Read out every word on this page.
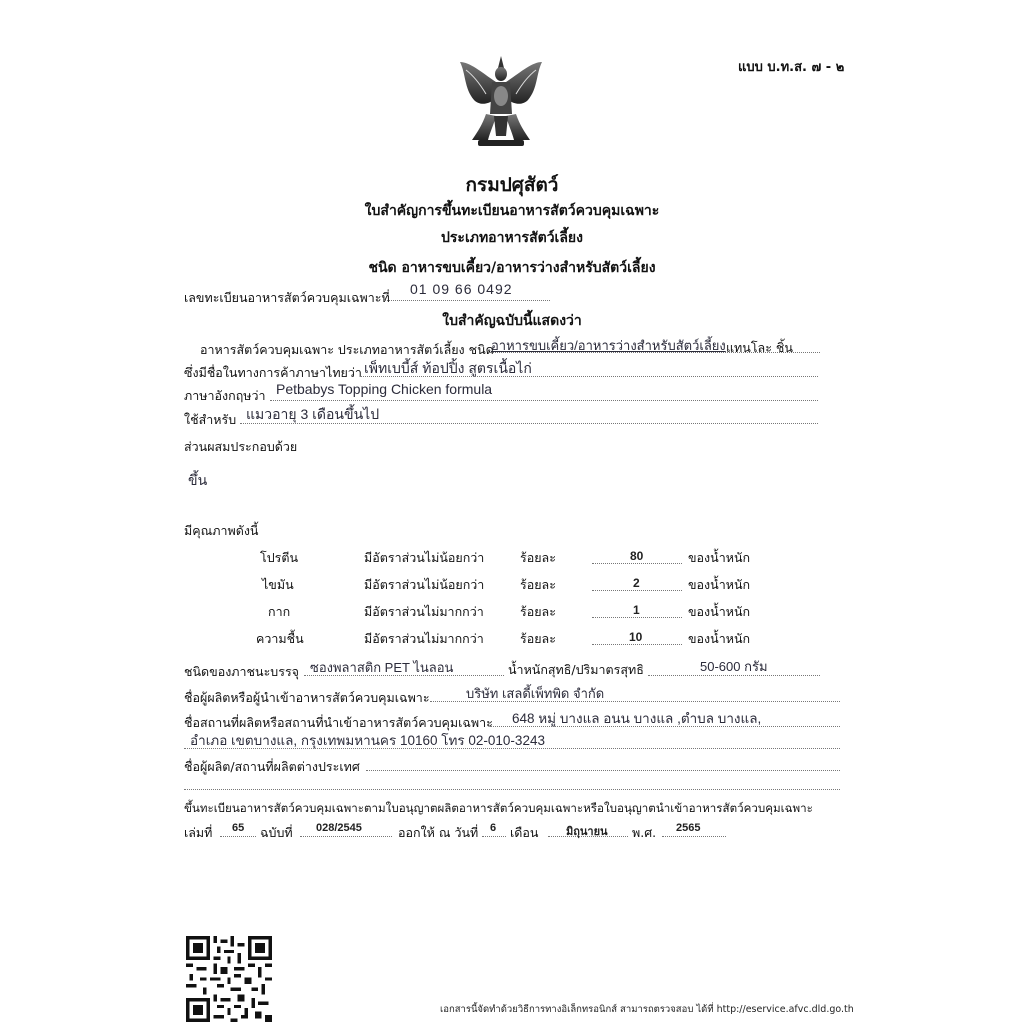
แบบ บ.ท.ส. ๗ - ๒
กรมปศุสัตว์
ใบสำคัญการขึ้นทะเบียนอาหารสัตว์ควบคุมเฉพาะ
ประเภทอาหารสัตว์เลี้ยง
ชนิด อาหารขบเคี้ยว/อาหารว่างสำหรับสัตว์เลี้ยง
เลขทะเบียนอาหารสัตว์ควบคุมเฉพาะที่
01 09 66 0492
ใบสำคัญฉบับนี้แสดงว่า
อาหารสัตว์ควบคุมเฉพาะ ประเภทอาหารสัตว์เลี้ยง ชนิด
อาหารขบเคี้ยว/อาหารว่างสำหรับสัตว์เลี้ยง แทนโละ ชิ้น
ซึ่งมีชื่อในทางการค้าภาษาไทยว่า เพ็ทเบบี้ส์ ท้อปปิ้ง สูตรเนื้อไก่
ภาษาอังกฤษว่า Petbabys Topping Chicken formula
ใช้สำหรับ แมวอายุ 3 เดือนขึ้นไป
ส่วนผสมประกอบด้วย
ขึ้น
มีคุณภาพดังนี้
โปรตีน	มีอัตราส่วนไม่น้อยกว่า	ร้อยละ	80	ของน้ำหนัก
ไขมัน	มีอัตราส่วนไม่น้อยกว่า	ร้อยละ	2	ของน้ำหนัก
กาก	มีอัตราส่วนไม่มากกว่า	ร้อยละ	1	ของน้ำหนัก
ความชื้น	มีอัตราส่วนไม่มากกว่า	ร้อยละ	10	ของน้ำหนัก
ชนิดของภาชนะบรรจุ ซองพลาสติก PET ไนลอน	น้ำหนักสุทธิ/ปริมาตรสุทธิ	50-600 กรัม
ชื่อผู้ผลิตหรือผู้นำเข้าอาหารสัตว์ควบคุมเฉพาะ	บริษัท เสลดี้เพ็ทพิด จำกัด
ชื่อสถานที่ผลิตหรือสถานที่นำเข้าอาหารสัตว์ควบคุมเฉพาะ 648 หมู่ บางแล อนน บางแล ,ตำบล บางแล,
อำเภอ เขตบางแล, กรุงเทพมหานคร 10160 โทร 02-010-3243
ชื่อผู้ผลิต/สถานที่ผลิตต่างประเทศ
ขึ้นทะเบียนอาหารสัตว์ควบคุมเฉพาะตามใบอนุญาตผลิตอาหารสัตว์ควบคุมเฉพาะหรือใบอนุญาตนำเข้าอาหารสัตว์ควบคุมเฉพาะ
เล่มที่ 65 ฉบับที่ 028/2545	ออกให้ ณ วันที่ 6 เดือน	มิถุนายน พ.ศ. 2565
เอกสารนี้จัดทำด้วยวิธีการทางอิเล็กทรอนิกส์ สามารถตรวจสอบ ได้ที่ http://eservice.afvc.dld.go.th
